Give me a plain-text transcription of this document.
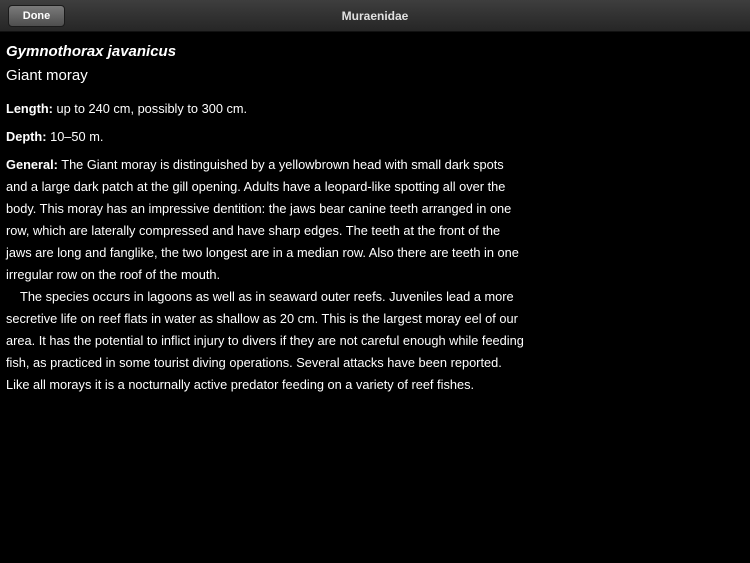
Done	Muraenidae
Gymnothorax javanicus
Giant moray
Length: up to 240 cm, possibly to 300 cm.
Depth: 10–50 m.

General: The Giant moray is distinguished by a yellowbrown head with small dark spots and a large dark patch at the gill opening. Adults have a leopard-like spotting all over the body. This moray has an impressive dentition: the jaws bear canine teeth arranged in one row, which are laterally compressed and have sharp edges. The teeth at the front of the jaws are long and fanglike, the two longest are in a median row. Also there are teeth in one irregular row on the roof of the mouth.

The species occurs in lagoons as well as in seaward outer reefs. Juveniles lead a more secretive life on reef flats in water as shallow as 20 cm. This is the largest moray eel of our area. It has the potential to inflict injury to divers if they are not careful enough while feeding fish, as practiced in some tourist diving operations. Several attacks have been reported. Like all morays it is a nocturnally active predator feeding on a variety of reef fishes.
